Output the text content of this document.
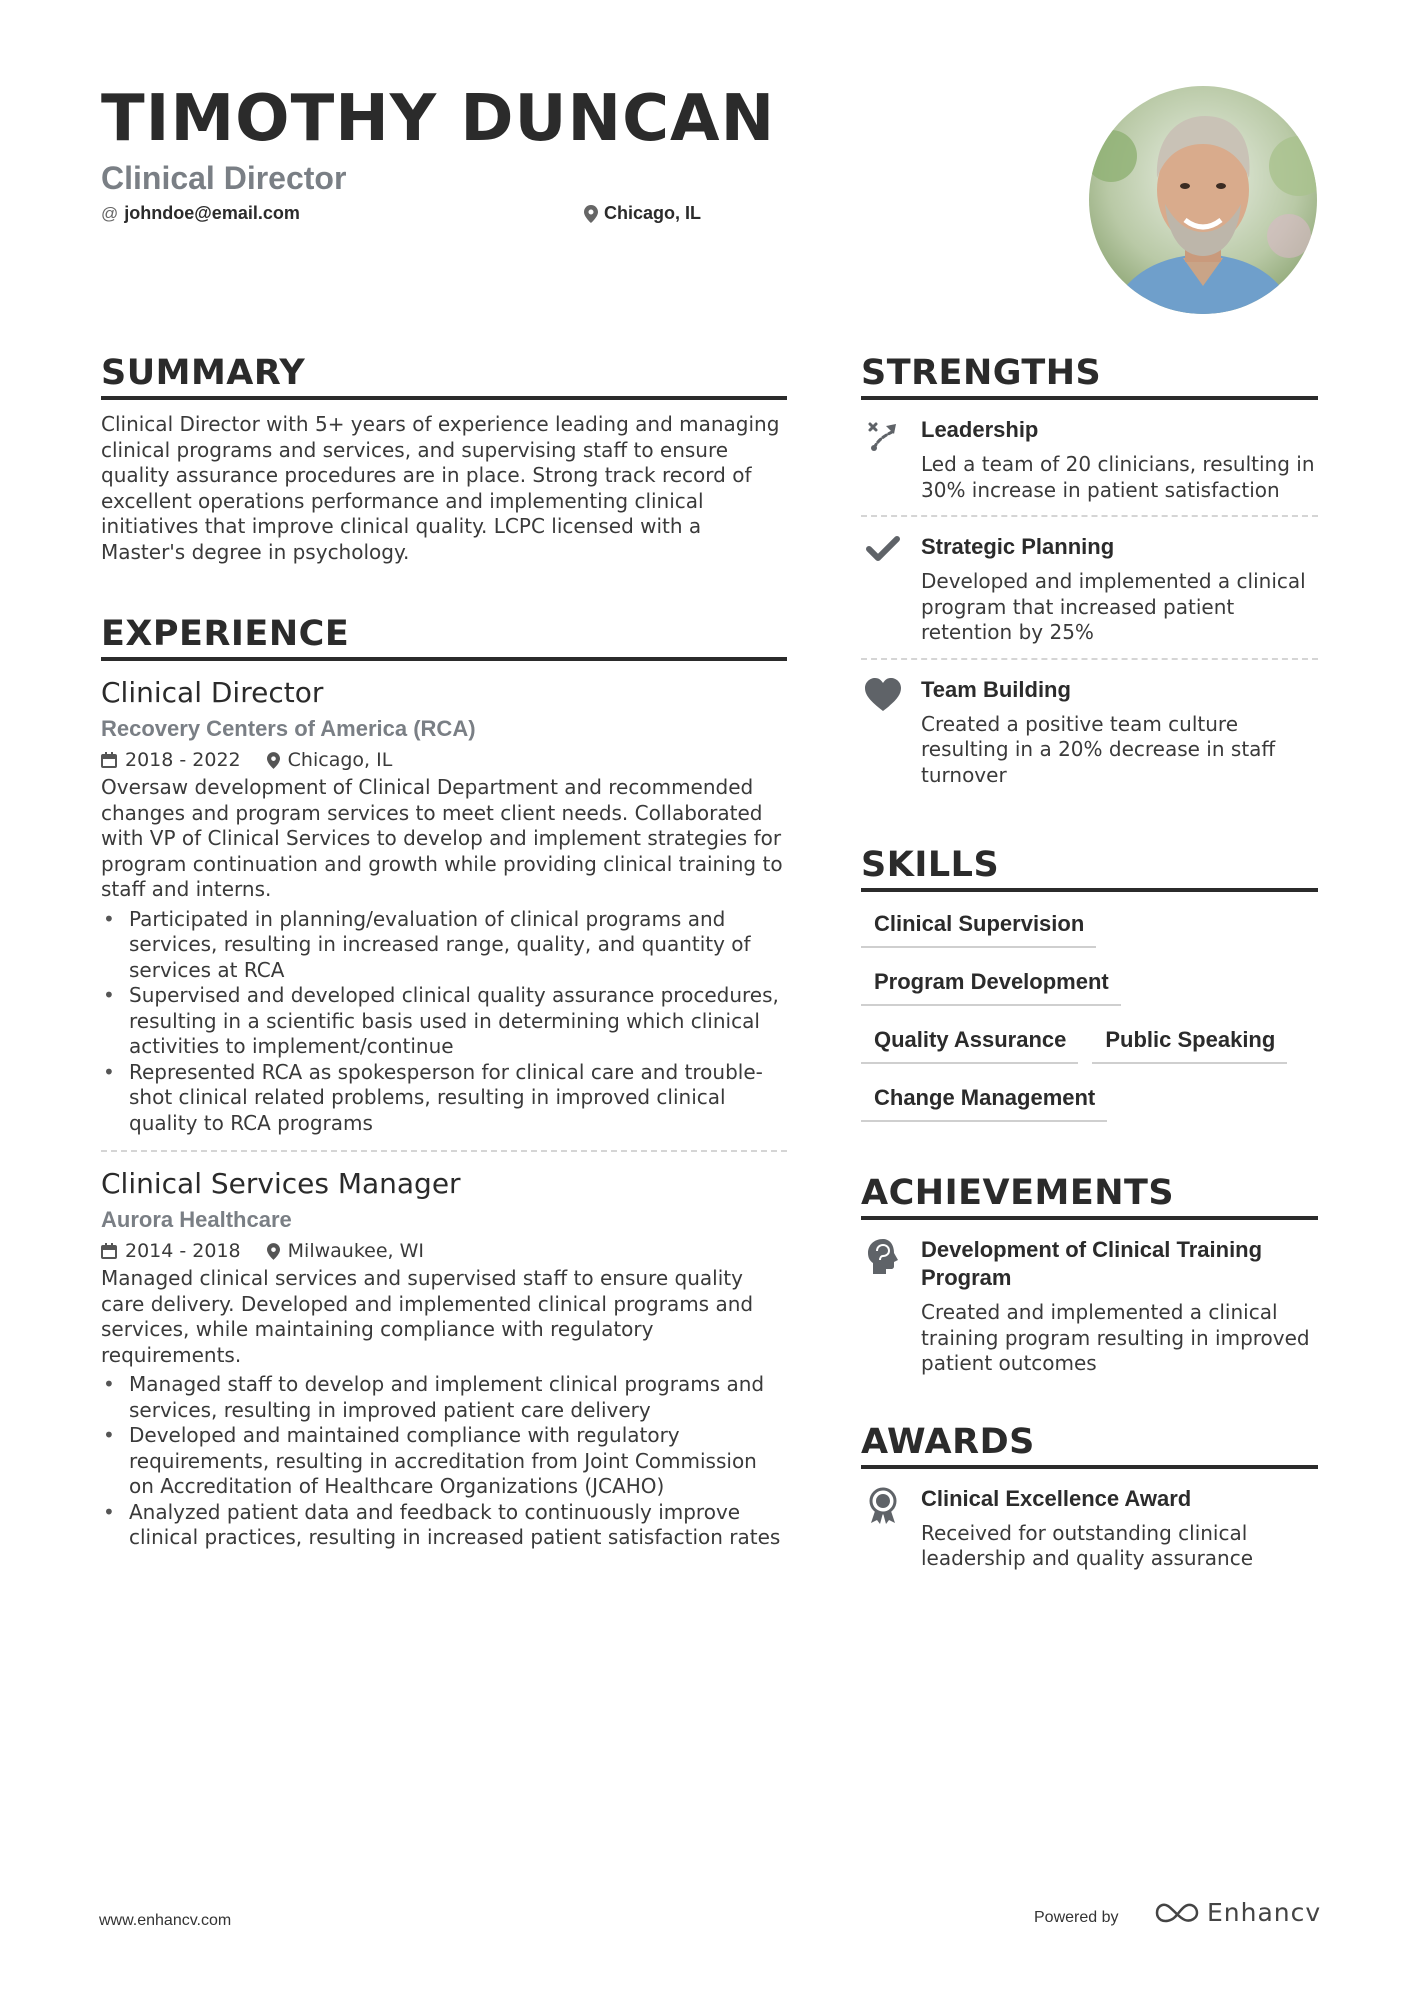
TIMOTHY DUNCAN
Clinical Director
@ johndoe@email.com	Chicago, IL
SUMMARY

Clinical Director with 5+ years of experience leading and managing clinical programs and services, and supervising staff to ensure quality assurance procedures are in place. Strong track record of excellent operations performance and implementing clinical initiatives that improve clinical quality. LCPC licensed with a Master's degree in psychology.

EXPERIENCE
Clinical Director
Recovery Centers of America (RCA)
2018 - 2022 Chicago, IL

Oversaw development of Clinical Department and recommended changes and program services to meet client needs. Collaborated with VP of Clinical Services to develop and implement strategies for program continuation and growth while providing clinical training to staff and interns.

• Participated in planning/evaluation of clinical programs and services, resulting in increased range, quality, and quantity of services at RCA
• Supervised and developed clinical quality assurance procedures, resulting in a scientific basis used in determining which clinical activities to implement/continue
• Represented RCA as spokesperson for clinical care and trouble-shot clinical related problems, resulting in improved clinical quality to RCA programs
Clinical Services Manager
Aurora Healthcare
2014 - 2018 Milwaukee, WI

Managed clinical services and supervised staff to ensure quality care delivery. Developed and implemented clinical programs and services, while maintaining compliance with regulatory requirements.

• Managed staff to develop and implement clinical programs and services, resulting in improved patient care delivery
• Developed and maintained compliance with regulatory requirements, resulting in accreditation from Joint Commission on Accreditation of Healthcare Organizations (JCAHO)
• Analyzed patient data and feedback to continuously improve clinical practices, resulting in increased patient satisfaction rates
STRENGTHS
Leadership
Led a team of 20 clinicians, resulting in 30% increase in patient satisfaction
Strategic Planning
Developed and implemented a clinical program that increased patient retention by 25%
Team Building
Created a positive team culture resulting in a 20% decrease in staff turnover
SKILLS
Clinical Supervision
Program Development
Quality Assurance	Public Speaking
Change Management
ACHIEVEMENTS
Development of Clinical Training Program
Created and implemented a clinical training program resulting in improved patient outcomes
AWARDS
Clinical Excellence Award
Received for outstanding clinical leadership and quality assurance
www.enhancv.com	Powered by	Enhancv
